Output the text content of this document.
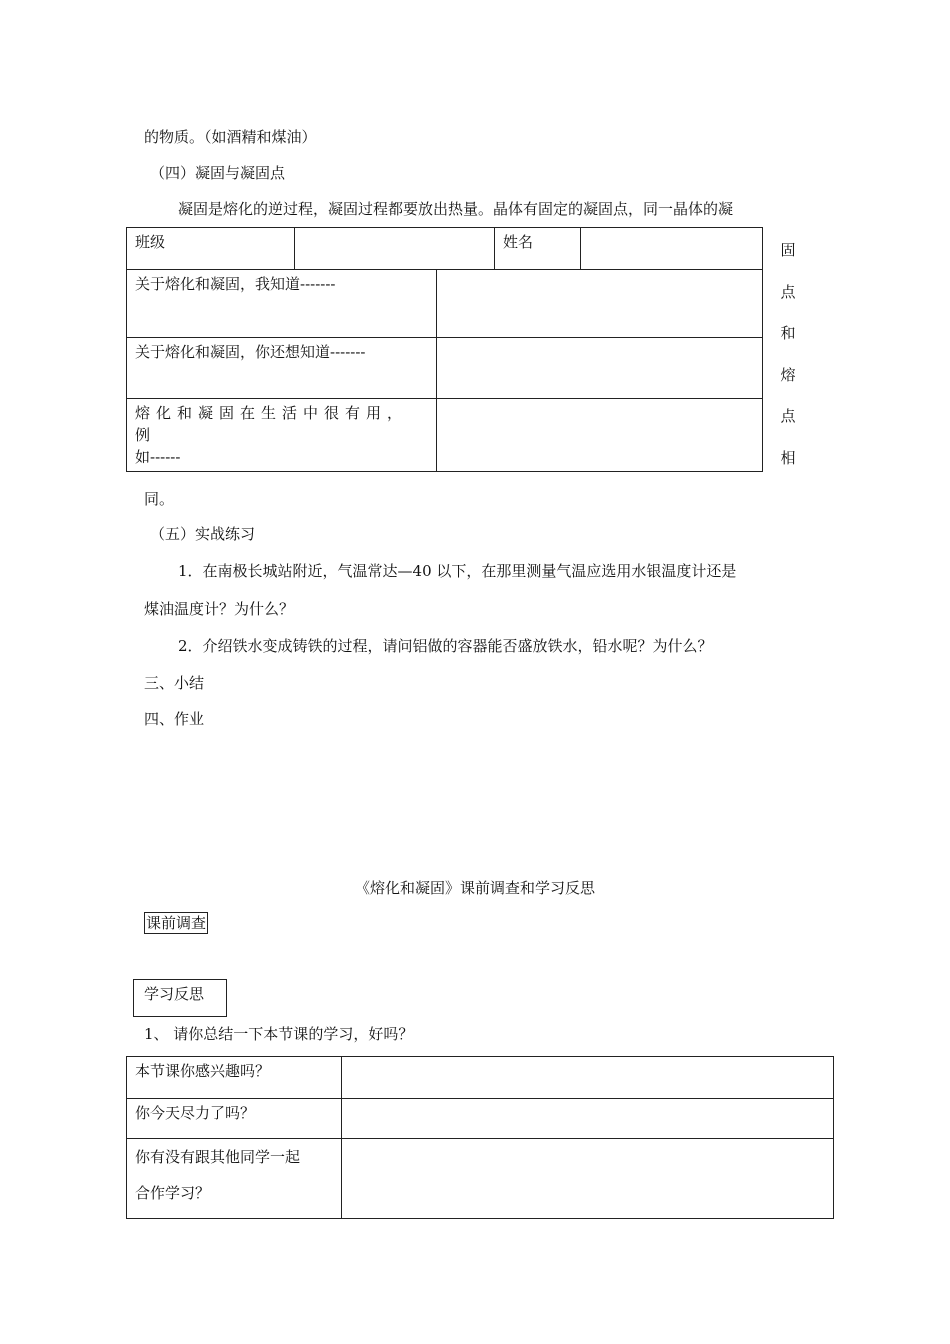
的物质。（如酒精和煤油）
（四）凝固与凝固点
凝固是熔化的逆过程，凝固过程都要放出热量。晶体有固定的凝固点，同一晶体的凝
班级			姓名	
关于熔化和凝固，我知道-------				
关于熔化和凝固，你还想知道-------				

熔化和凝固在生活中很有用，例
如------				

固
点
和
熔
点
相
同。
（五）实战练习
1．在南极长城站附近，气温常达—40 以下，在那里测量气温应选用水银温度计还是
煤油温度计？为什么？
2．介绍铁水变成铸铁的过程，请问铝做的容器能否盛放铁水，铅水呢？为什么？
三、小结
四、作业
《熔化和凝固》课前调查和学习反思
课前调查
学习反思
1、 请你总结一下本节课的学习，好吗？
本节课你感兴趣吗？	
你今天尽力了吗？	

你有没有跟其他同学一起
合作学习？	
